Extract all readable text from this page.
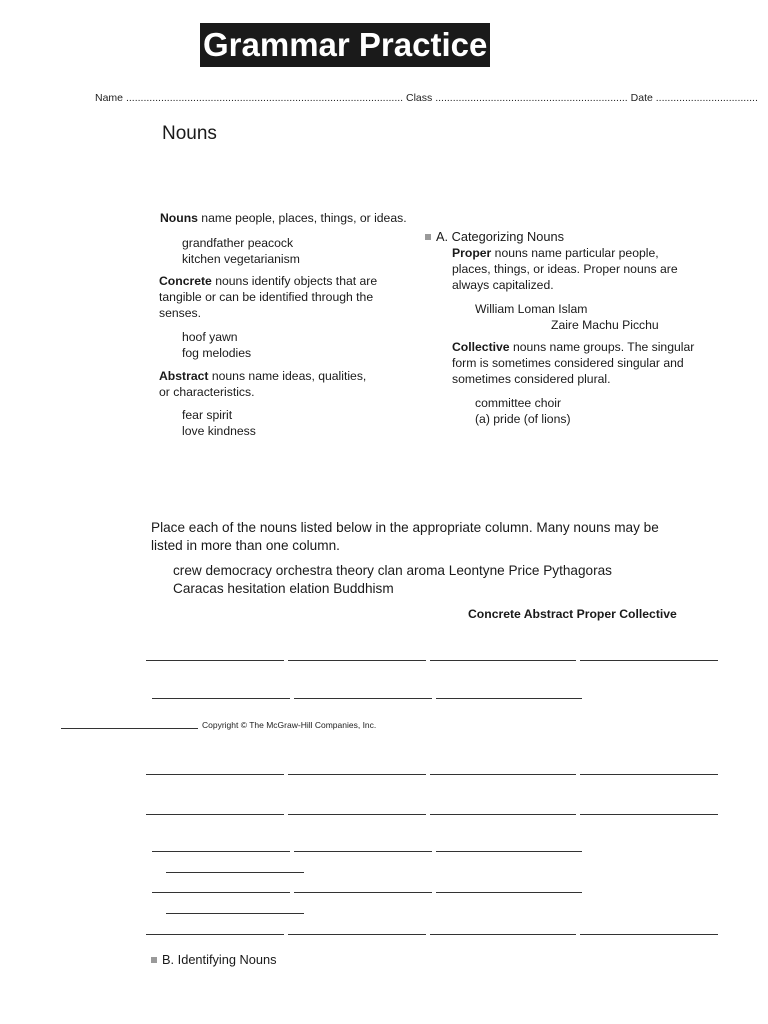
Grammar Practice
Name ............................................................................................... Class .................................................................. Date ...................................
Nouns
Nouns name people, places, things, or ideas.
grandfather peacock
kitchen vegetarianism
Concrete nouns identify objects that are tangible or can be identified through the senses.
hoof yawn
fog melodies
Abstract nouns name ideas, qualities,
or characteristics.
fear spirit
love kindness
A. Categorizing Nouns
Proper nouns name particular people, places, things, or ideas. Proper nouns are always capitalized.
William Loman Islam
Zaire Machu Picchu
Collective nouns name groups. The singular form is sometimes considered singular and sometimes considered plural.
committee choir
(a) pride (of lions)
Place each of the nouns listed below in the appropriate column. Many nouns may be listed in more than one column.
crew democracy orchestra theory clan aroma Leontyne Price Pythagoras
Caracas hesitation elation Buddhism
Concrete Abstract Proper Collective
Copyright © The McGraw-Hill Companies, Inc.
B. Identifying Nouns
